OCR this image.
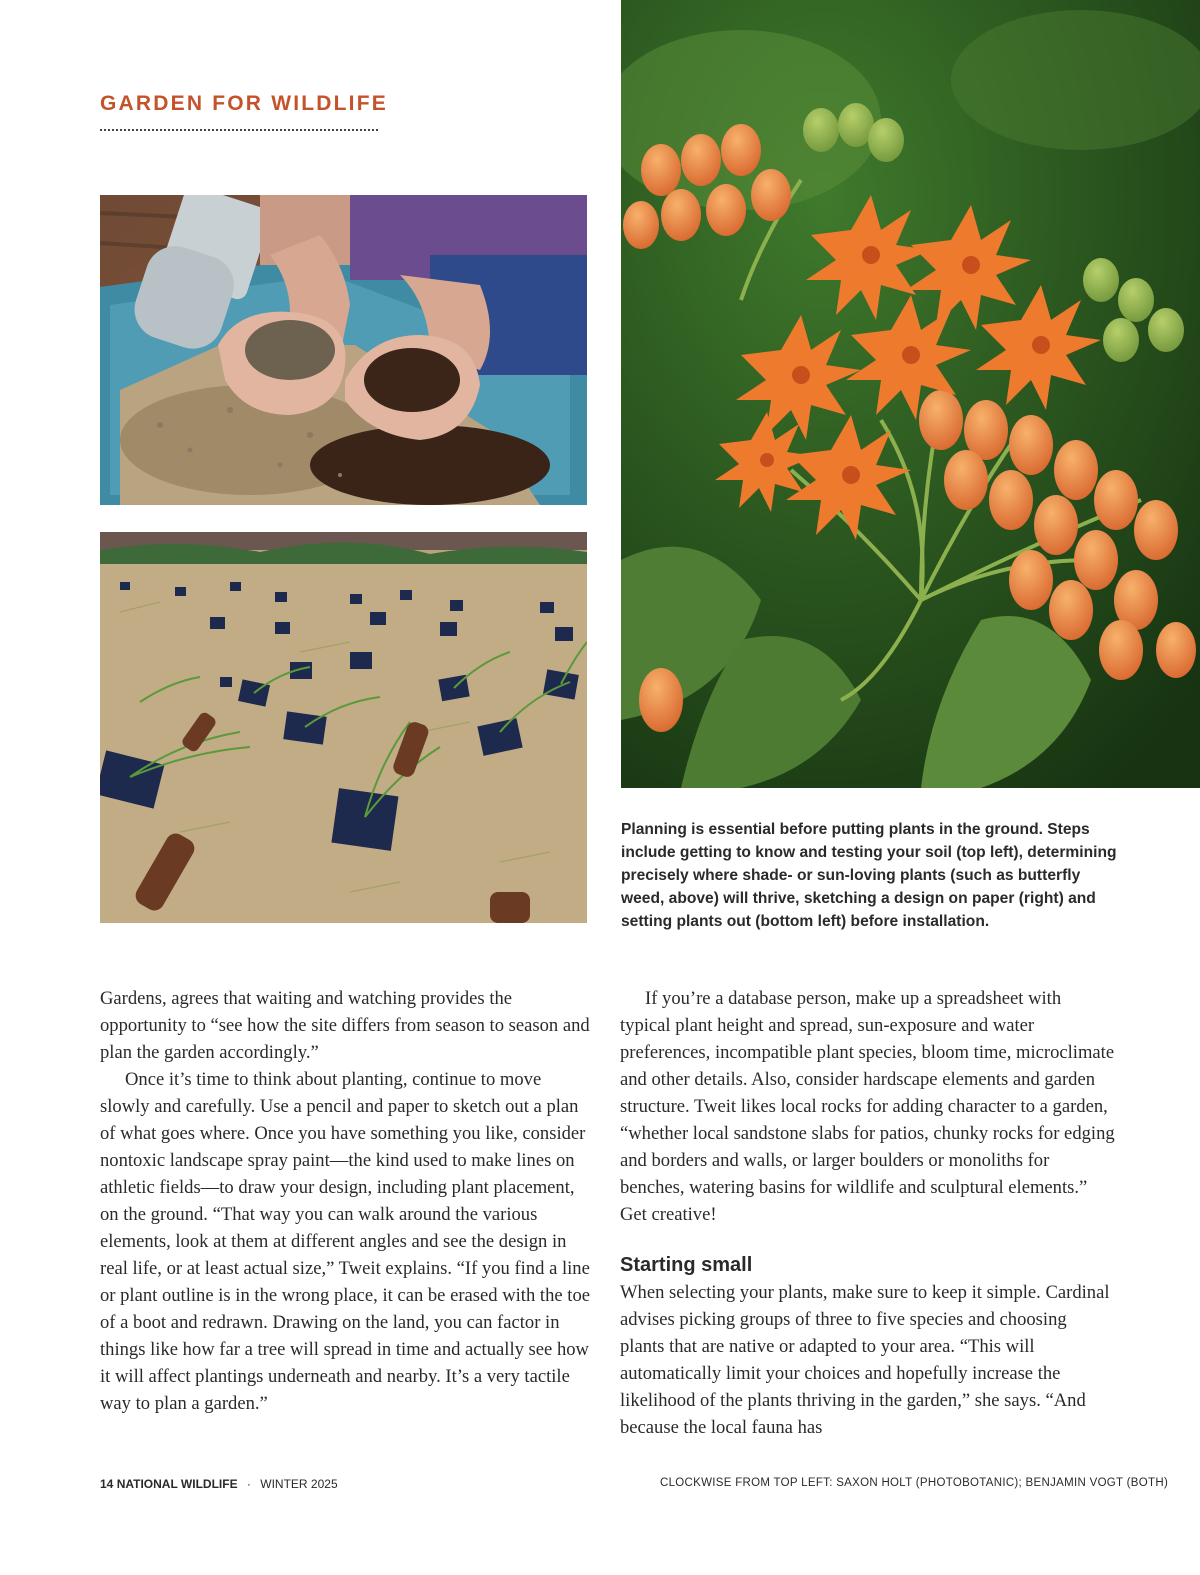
GARDEN FOR WILDLIFE

Planning is essential before putting plants in the ground. Steps include getting to know and testing your soil (top left), determining precisely where shade- or sun-loving plants (such as butterfly weed, above) will thrive, sketching a design on paper (right) and setting plants out (bottom left) before installation.

Gardens, agrees that waiting and watching provides the opportunity to “see how the site differs from season to season and plan the garden accordingly.”

Once it’s time to think about planting, continue to move slowly and carefully. Use a pencil and paper to sketch out a plan of what goes where. Once you have something you like, consider nontoxic landscape spray paint—the kind used to make lines on athletic fields—to draw your design, including plant placement, on the ground. “That way you can walk around the various elements, look at them at different angles and see the design in real life, or at least actual size,” Tweit explains. “If you find a line or plant outline is in the wrong place, it can be erased with the toe of a boot and redrawn. Drawing on the land, you can factor in things like how far a tree will spread in time and actually see how it will affect plantings underneath and nearby. It’s a very tactile way to plan a garden.”

If you’re a database person, make up a spreadsheet with typical plant height and spread, sun-exposure and water preferences, incompatible plant species, bloom time, microclimate and other details. Also, consider hardscape elements and garden structure. Tweit likes local rocks for adding character to a garden, “whether local sandstone slabs for patios, chunky rocks for edging and borders and walls, or larger boulders or monoliths for benches, watering basins for wildlife and sculptural elements.” Get creative!

Starting small

When selecting your plants, make sure to keep it simple. Cardinal advises picking groups of three to five species and choosing plants that are native or adapted to your area. “This will automatically limit your choices and hopefully increase the likelihood of the plants thriving in the garden,” she says. “And because the local fauna has

14 NATIONAL WILDLIFE · WINTER 2025	CLOCKWISE FROM TOP LEFT: SAXON HOLT (PHOTOBOTANIC); BENJAMIN VOGT (BOTH)
